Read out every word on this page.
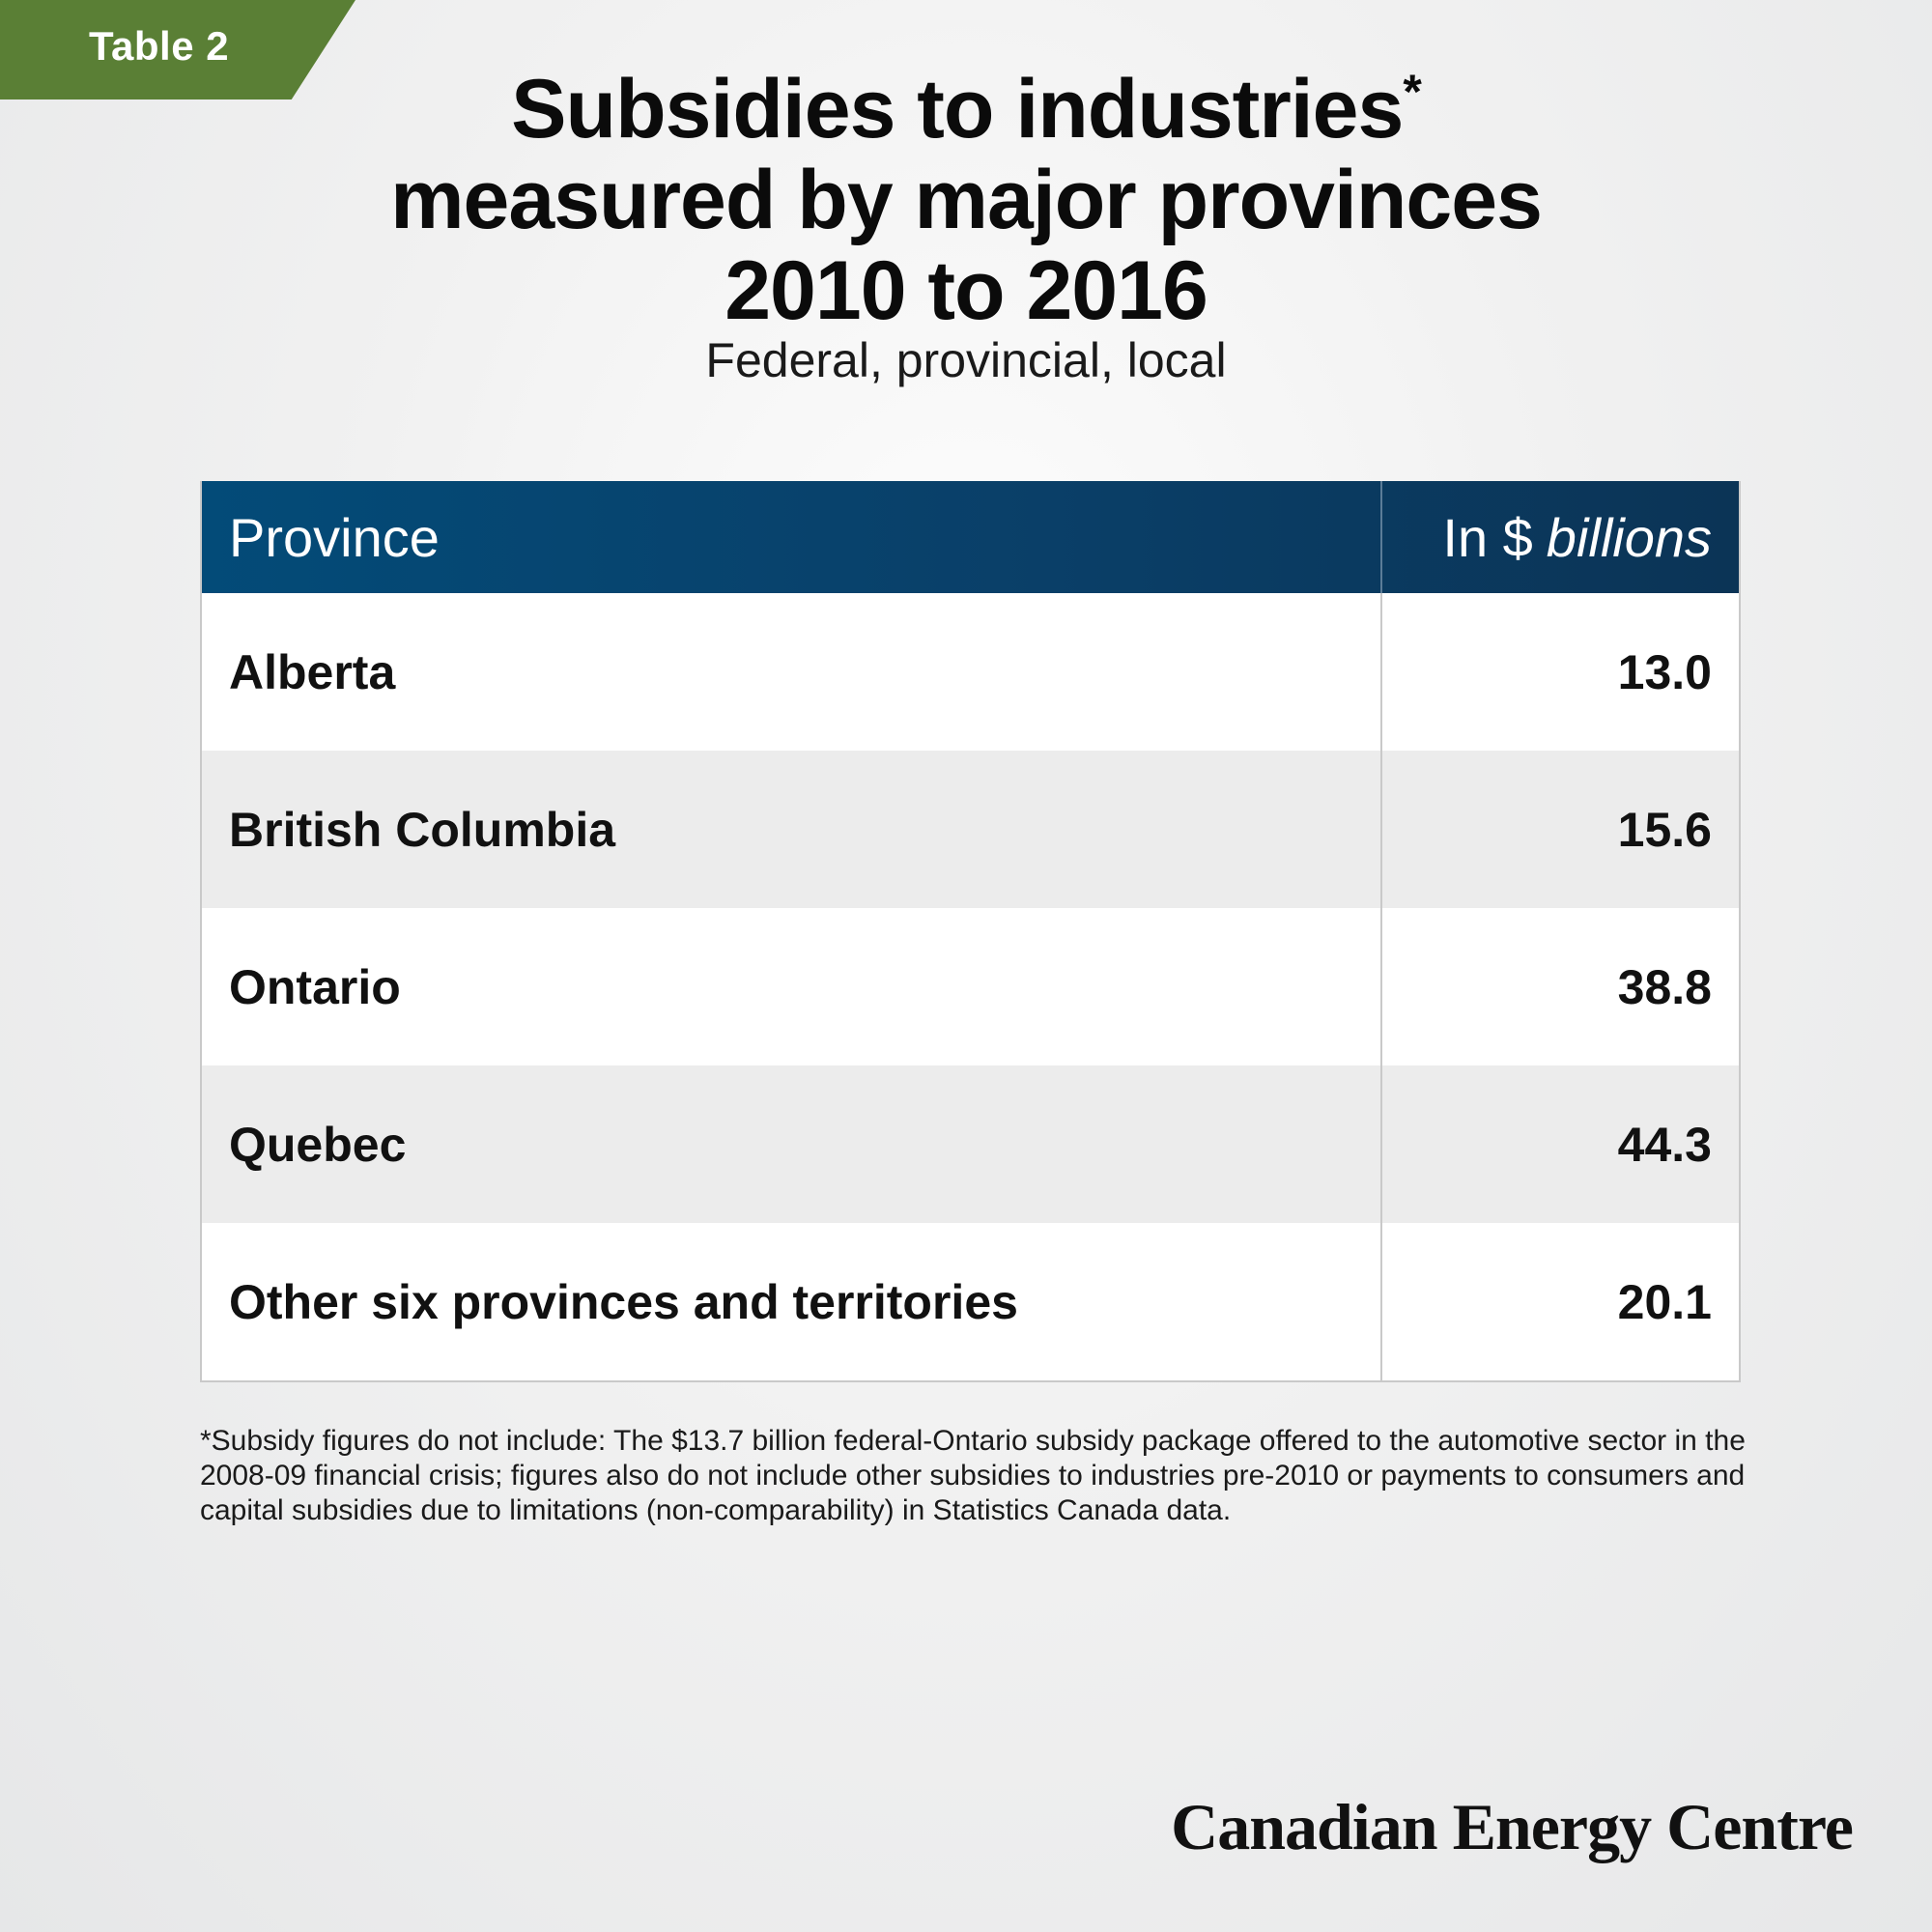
Table 2
Subsidies to industries*
measured by major provinces
2010 to 2016
Federal, provincial, local
Province	In $ billions
Alberta	13.0
British Columbia	15.6
Ontario	38.8
Quebec	44.3
Other six provinces and territories	20.1
*Subsidy figures do not include: The $13.7 billion federal-Ontario subsidy package offered to the automotive sector in the 2008-09 financial crisis; figures also do not include other subsidies to industries pre-2010 or payments to consumers and capital subsidies due to limitations (non-comparability) in Statistics Canada data.
Canadian Energy Centre
